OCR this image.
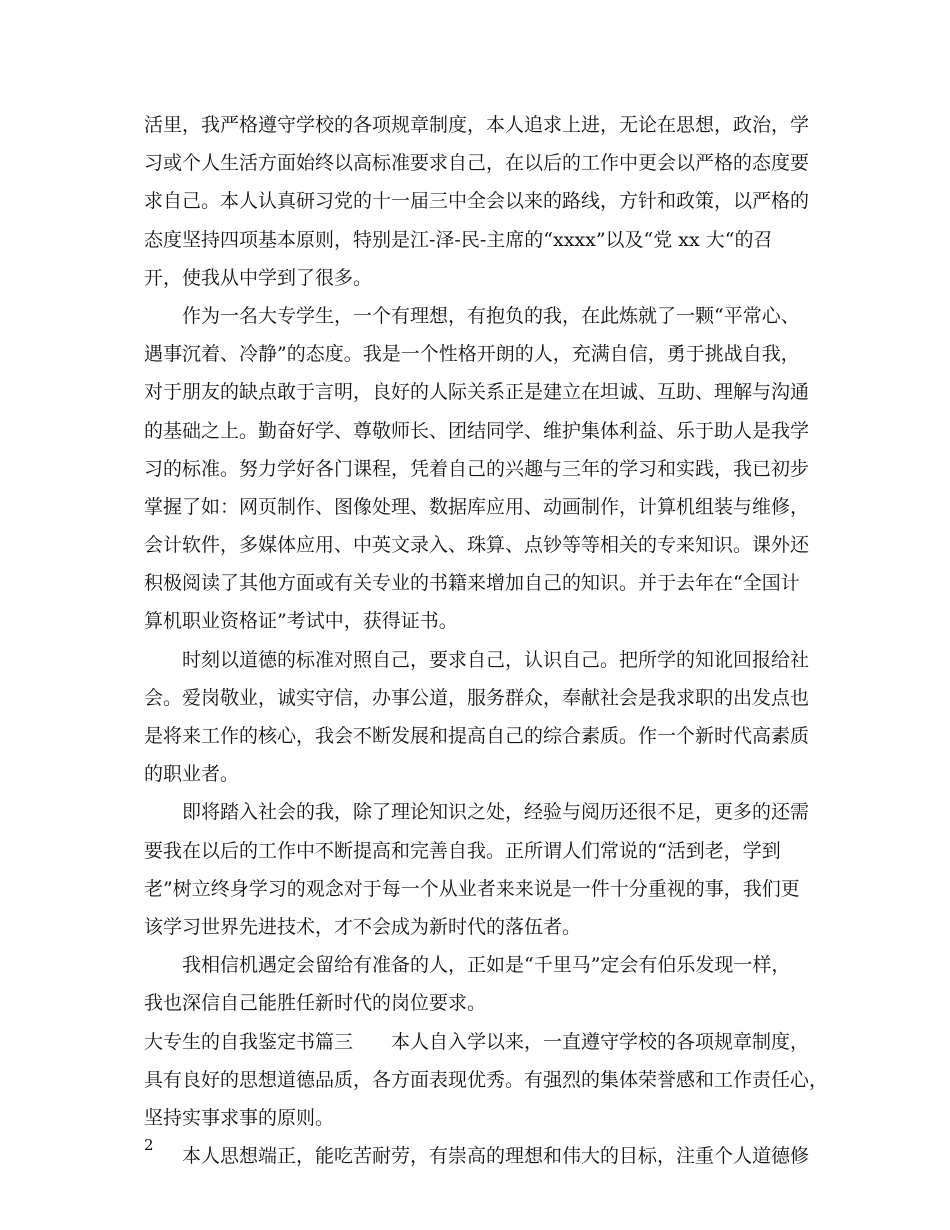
活里，我严格遵守学校的各项规章制度，本人追求上进，无论在思想，政治，学
习或个人生活方面始终以高标准要求自己，在以后的工作中更会以严格的态度要
求自己。本人认真研习党的十一届三中全会以来的路线，方针和政策，以严格的
态度坚持四项基本原则，特别是江-泽-民-主席的“xxxx”以及“党 xx 大“的召
开，使我从中学到了很多。
作为一名大专学生，一个有理想，有抱负的我，在此炼就了一颗“平常心、
遇事沉着、冷静”的态度。我是一个性格开朗的人，充满自信，勇于挑战自我，
对于朋友的缺点敢于言明，良好的人际关系正是建立在坦诚、互助、理解与沟通
的基础之上。勤奋好学、尊敬师长、团结同学、维护集体利益、乐于助人是我学
习的标准。努力学好各门课程，凭着自己的兴趣与三年的学习和实践，我已初步
掌握了如：网页制作、图像处理、数据库应用、动画制作，计算机组装与维修，
会计软件，多媒体应用、中英文录入、珠算、点钞等等相关的专来知识。课外还
积极阅读了其他方面或有关专业的书籍来增加自己的知识。并于去年在“全国计
算机职业资格证”考试中，获得证书。
时刻以道德的标准对照自己，要求自己，认识自己。把所学的知讹回报给社
会。爱岗敬业，诚实守信，办事公道，服务群众，奉献社会是我求职的出发点也
是将来工作的核心，我会不断发展和提高自己的综合素质。作一个新时代高素质
的职业者。
即将踏入社会的我，除了理论知识之处，经验与阅历还很不足，更多的还需
要我在以后的工作中不断提高和完善自我。正所谓人们常说的“活到老，学到
老”树立终身学习的观念对于每一个从业者来来说是一件十分重视的事，我们更
该学习世界先进技术，才不会成为新时代的落伍者。
我相信机遇定会留给有准备的人，正如是“千里马”定会有伯乐发现一样，
我也深信自己能胜任新时代的岗位要求。
大专生的自我鉴定书篇三　　本人自入学以来，一直遵守学校的各项规章制度，
具有良好的思想道德品质，各方面表现优秀。有强烈的集体荣誉感和工作责任心，
坚持实事求事的原则。
本人思想端正，能吃苦耐劳，有崇高的理想和伟大的目标，注重个人道德修
2
